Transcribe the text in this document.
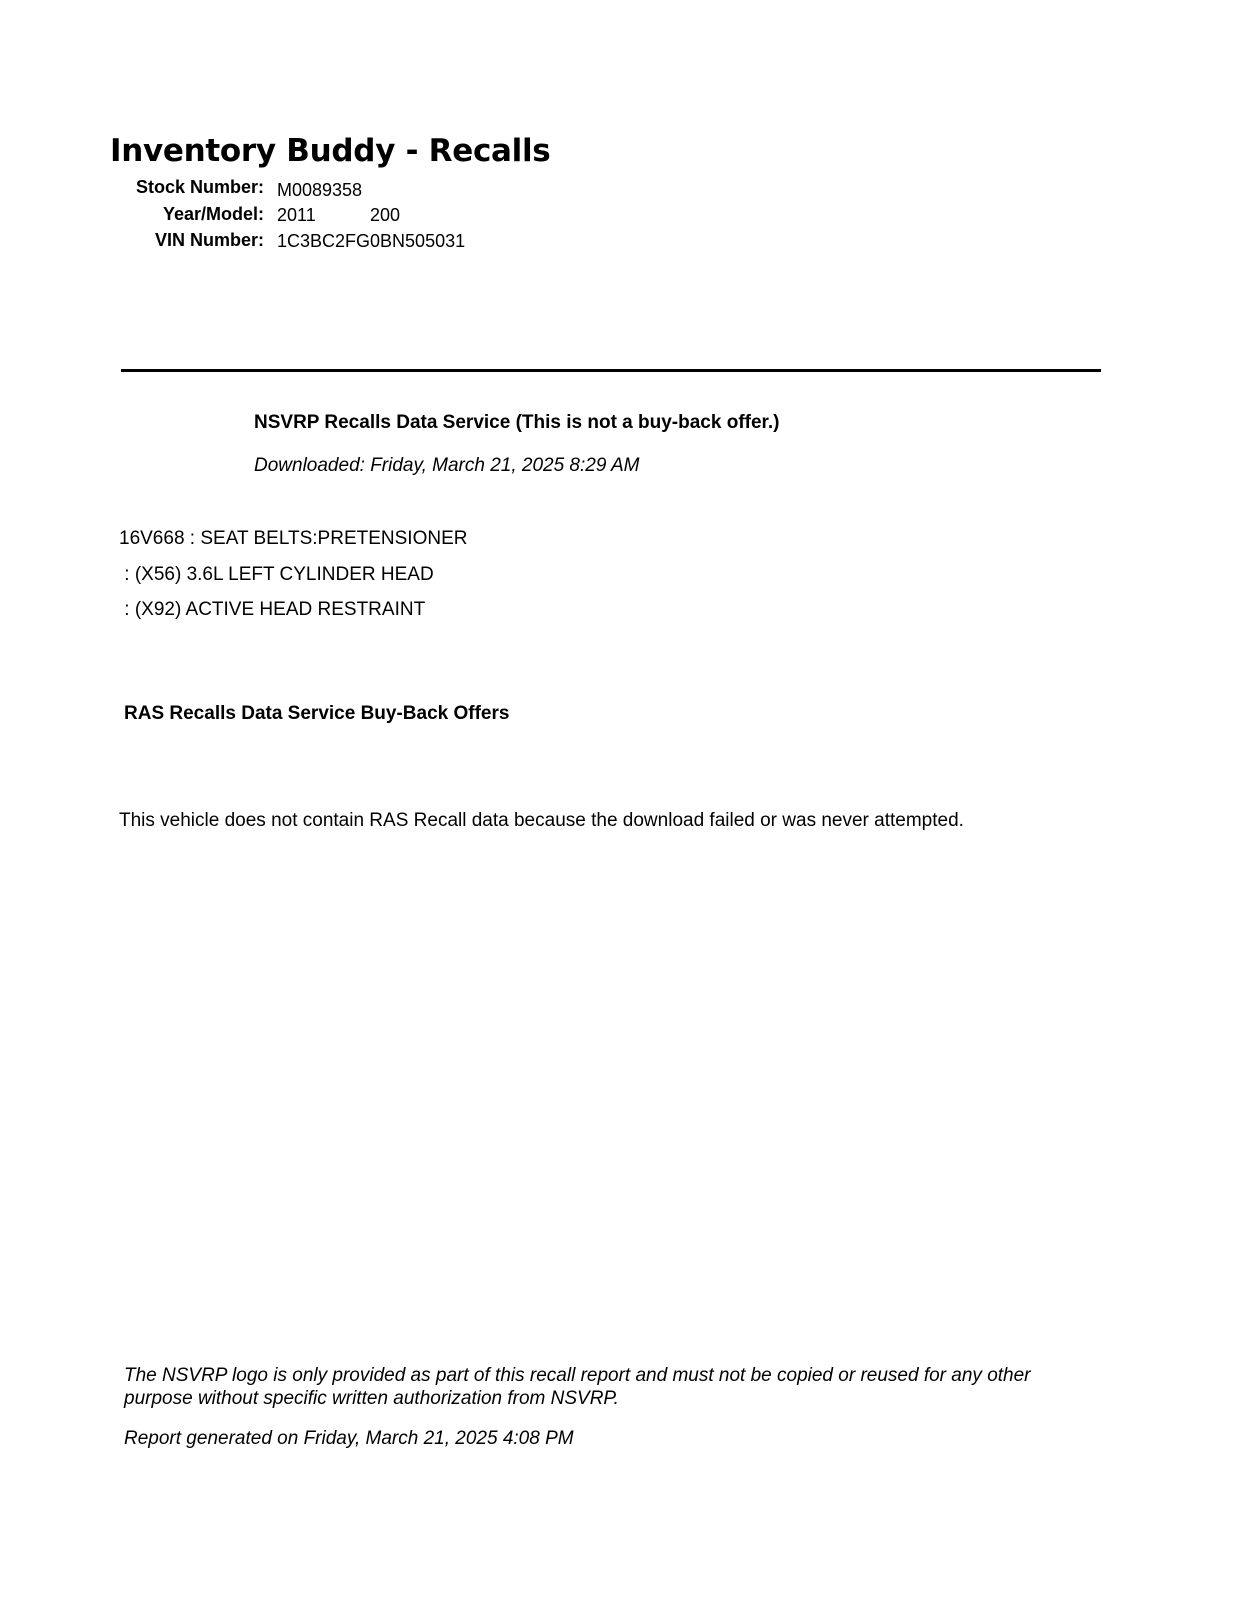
Inventory Buddy - Recalls
Stock Number: M0089358
Year/Model: 2011	200
VIN Number: 1C3BC2FG0BN505031
NSVRP Recalls Data Service (This is not a buy-back offer.)
Downloaded: Friday, March 21, 2025 8:29 AM
16V668 : SEAT BELTS:PRETENSIONER
: (X56) 3.6L LEFT CYLINDER HEAD
: (X92) ACTIVE HEAD RESTRAINT
RAS Recalls Data Service Buy-Back Offers
This vehicle does not contain RAS Recall data because the download failed or was never attempted.
The NSVRP logo is only provided as part of this recall report and must not be copied or reused for any other purpose without specific written authorization from NSVRP.
Report generated on Friday, March 21, 2025 4:08 PM
